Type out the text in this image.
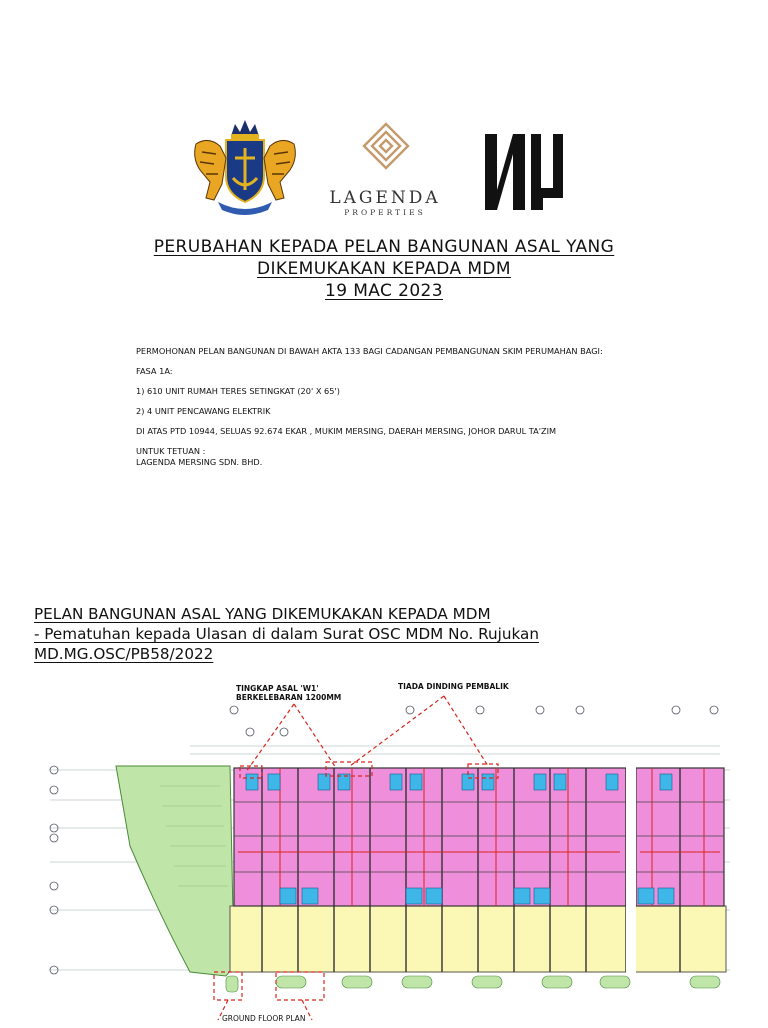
LAGENDA
PROPERTIES
PERUBAHAN KEPADA PELAN BANGUNAN ASAL YANG
DIKEMUKAKAN KEPADA MDM
19 MAC 2023

PERMOHONAN PELAN BANGUNAN DI BAWAH AKTA 133 BAGI CADANGAN PEMBANGUNAN SKIM PERUMAHAN BAGI:

FASA 1A:

1) 610 UNIT RUMAH TERES SETINGKAT (20' X 65')

2) 4 UNIT PENCAWANG ELEKTRIK

DI ATAS PTD 10944, SELUAS 92.674 EKAR , MUKIM MERSING, DAERAH MERSING, JOHOR DARUL TA'ZIM

UNTUK TETUAN :

LAGENDA MERSING SDN. BHD.

PELAN BANGUNAN ASAL YANG DIKEMUKAKAN KEPADA MDM
- Pematuhan kepada Ulasan di dalam Surat OSC MDM No. Rujukan
MD.MG.OSC/PB58/2022
TINGKAP ASAL 'W1'
BERKELEBARAN 1200MM
TIADA DINDING PEMBALIK
GROUND FLOOR PLAN
